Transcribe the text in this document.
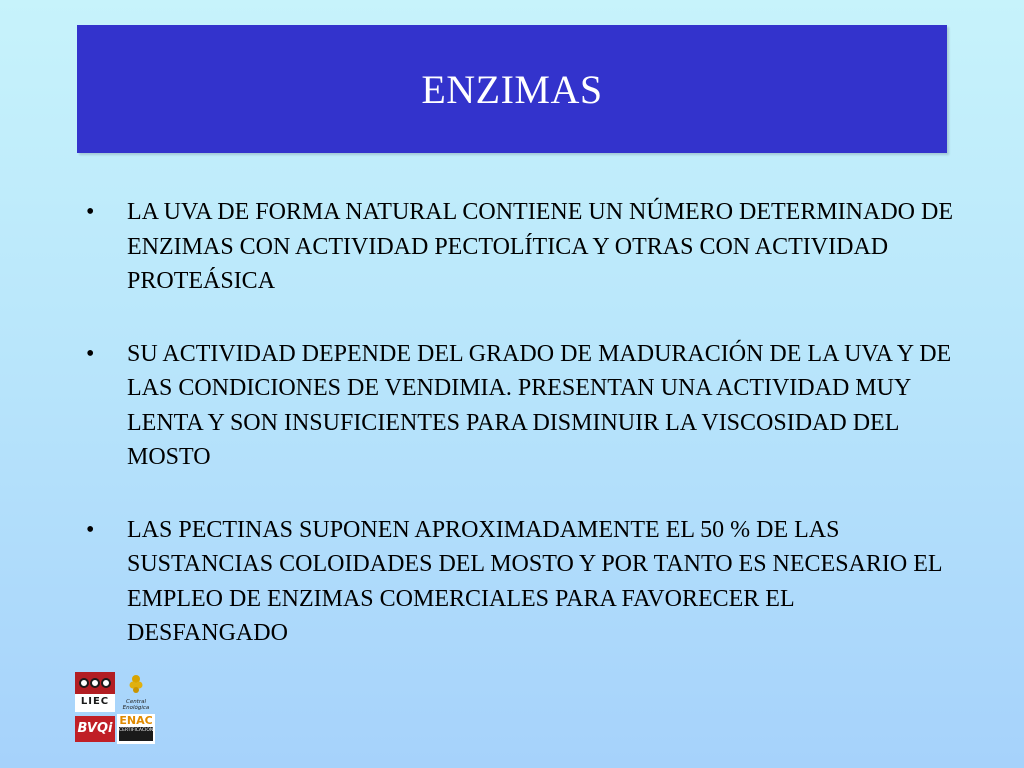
ENZIMAS
• LA UVA DE FORMA NATURAL CONTIENE UN NÚMERO DETERMINADO DE ENZIMAS CON ACTIVIDAD PECTOLÍTICA Y OTRAS CON ACTIVIDAD PROTEÁSICA
• SU ACTIVIDAD DEPENDE DEL GRADO DE MADURACIÓN DE LA UVA Y DE LAS CONDICIONES DE VENDIMIA. PRESENTAN UNA ACTIVIDAD MUY LENTA Y SON INSUFICIENTES PARA DISMINUIR LA VISCOSIDAD DEL MOSTO
• LAS PECTINAS SUPONEN APROXIMADAMENTE EL 50 % DE LAS SUSTANCIAS COLOIDADES DEL MOSTO Y POR TANTO ES NECESARIO EL EMPLEO DE ENZIMAS COMERCIALES PARA FAVORECER EL DESFANGADO
LIEC
BVQi
Central Enológica
ENAC
CERTIFICACION
